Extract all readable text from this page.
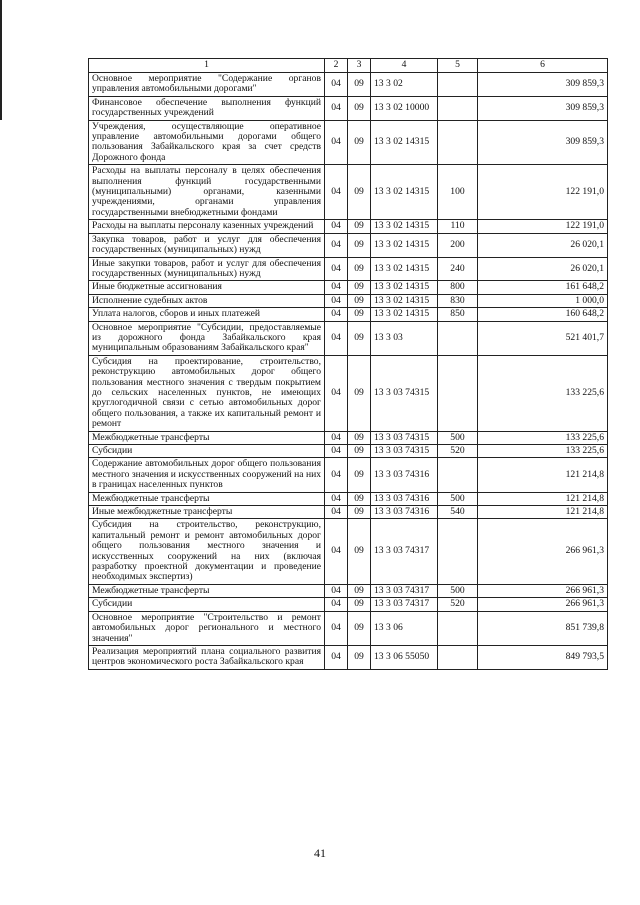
1	2	3	4	5	6
Основное мероприятие "Содержание органов управления автомобильными дорогами"	04	09	13 3 02		309 859,3
Финансовое обеспечение выполнения функций государственных учреждений	04	09	13 3 02 10000		309 859,3
Учреждения, осуществляющие оперативное управление автомобильными дорогами общего пользования Забайкальского края за счет средств Дорожного фонда	04	09	13 3 02 14315		309 859,3
Расходы на выплаты персоналу в целях обеспечения выполнения функций государственными (муниципальными) органами, казенными учреждениями, органами управления государственными внебюджетными фондами	04	09	13 3 02 14315	100	122 191,0
Расходы на выплаты персоналу казенных учреждений	04	09	13 3 02 14315	110	122 191,0
Закупка товаров, работ и услуг для обеспечения государственных (муниципальных) нужд	04	09	13 3 02 14315	200	26 020,1
Иные закупки товаров, работ и услуг для обеспечения государственных (муниципальных) нужд	04	09	13 3 02 14315	240	26 020,1
Иные бюджетные ассигнования	04	09	13 3 02 14315	800	161 648,2
Исполнение судебных актов	04	09	13 3 02 14315	830	1 000,0
Уплата налогов, сборов и иных платежей	04	09	13 3 02 14315	850	160 648,2
Основное мероприятие "Субсидии, предоставляемые из дорожного фонда Забайкальского края муниципальным образованиям Забайкальского края"	04	09	13 3 03		521 401,7
Субсидия на проектирование, строительство, реконструкцию автомобильных дорог общего пользования местного значения с твердым покрытием до сельских населенных пунктов, не имеющих круглогодичной связи с сетью автомобильных дорог общего пользования, а также их капитальный ремонт и ремонт	04	09	13 3 03 74315		133 225,6
Межбюджетные трансферты	04	09	13 3 03 74315	500	133 225,6
Субсидии	04	09	13 3 03 74315	520	133 225,6
Содержание автомобильных дорог общего пользования местного значения и искусственных сооружений на них в границах населенных пунктов	04	09	13 3 03 74316		121 214,8
Межбюджетные трансферты	04	09	13 3 03 74316	500	121 214,8
Иные межбюджетные трансферты	04	09	13 3 03 74316	540	121 214,8
Субсидия на строительство, реконструкцию, капитальный ремонт и ремонт автомобильных дорог общего пользования местного значения и искусственных сооружений на них (включая разработку проектной документации и проведение необходимых экспертиз)	04	09	13 3 03 74317		266 961,3
Межбюджетные трансферты	04	09	13 3 03 74317	500	266 961,3
Субсидии	04	09	13 3 03 74317	520	266 961,3
Основное мероприятие "Строительство и ремонт автомобильных дорог регионального и местного значения"	04	09	13 3 06		851 739,8
Реализация мероприятий плана социального развития центров экономического роста Забайкальского края	04	09	13 3 06 55050		849 793,5
41
